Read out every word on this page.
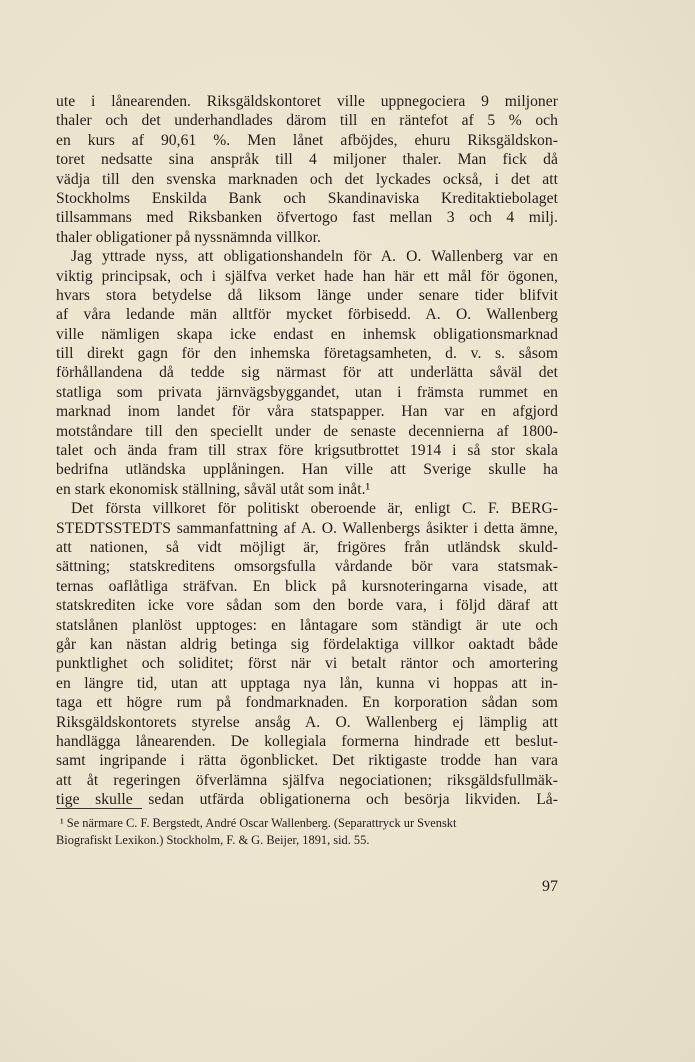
ute i lånearenden. Riksgäldskontoret ville uppnegociera 9 miljoner
thaler och det underhandlades därom till en räntefot af 5 % och
en kurs af 90,61 %. Men lånet afböjdes, ehuru Riksgäldskon-
toret nedsatte sina anspråk till 4 miljoner thaler. Man fick då
vädja till den svenska marknaden och det lyckades också, i det att
Stockholms Enskilda Bank och Skandinaviska Kreditaktiebolaget
tillsammans med Riksbanken öfvertogo fast mellan 3 och 4 milj.
thaler obligationer på nyssnämnda villkor.
Jag yttrade nyss, att obligationshandeln för A. O. Wallenberg var en
viktig principsak, och i själfva verket hade han här ett mål för ögonen,
hvars stora betydelse då liksom länge under senare tider blifvit
af våra ledande män alltför mycket förbisedd. A. O. Wallenberg
ville nämligen skapa icke endast en inhemsk obligationsmarknad
till direkt gagn för den inhemska företagsamheten, d. v. s. såsom
förhållandena då tedde sig närmast för att underlätta såväl det
statliga som privata järnvägsbyggandet, utan i främsta rummet en
marknad inom landet för våra statspapper. Han var en afgjord
motståndare till den speciellt under de senaste decennierna af 1800-
talet och ända fram till strax före krigsutbrottet 1914 i så stor skala
bedrifna utländska upplåningen. Han ville att Sverige skulle ha
en stark ekonomisk ställning, såväl utåt som inåt.¹
Det första villkoret för politiskt oberoende är, enligt C. F. BERG-
STEDTSSTEDTS sammanfattning af A. O. Wallenbergs åsikter i detta ämne,
att nationen, så vidt möjligt är, frigöres från utländsk skuld-
sättning; statskreditens omsorgsfulla vårdande bör vara statsmak-
ternas oaflåtliga sträfvan. En blick på kursnoteringarna visade, att
statskrediten icke vore sådan som den borde vara, i följd däraf att
statslånen planlöst upptoges: en låntagare som ständigt är ute och
går kan nästan aldrig betinga sig fördelaktiga villkor oaktadt både
punktlighet och soliditet; först när vi betalt räntor och amortering
en längre tid, utan att upptaga nya lån, kunna vi hoppas att in-
taga ett högre rum på fondmarknaden. En korporation sådan som
Riksgäldskontorets styrelse ansåg A. O. Wallenberg ej lämplig att
handlägga lånearenden. De kollegiala formerna hindrade ett beslut-
samt ingripande i rätta ögonblicket. Det riktigaste trodde han vara
att åt regeringen öfverlämna själfva negociationen; riksgäldsfullmäk-
tige skulle sedan utfärda obligationerna och besörja likviden. Lå-
¹ Se närmare C. F. Bergstedt, André Oscar Wallenberg. (Separattryck ur Svenskt
Biografiskt Lexikon.) Stockholm, F. & G. Beijer, 1891, sid. 55.
97
